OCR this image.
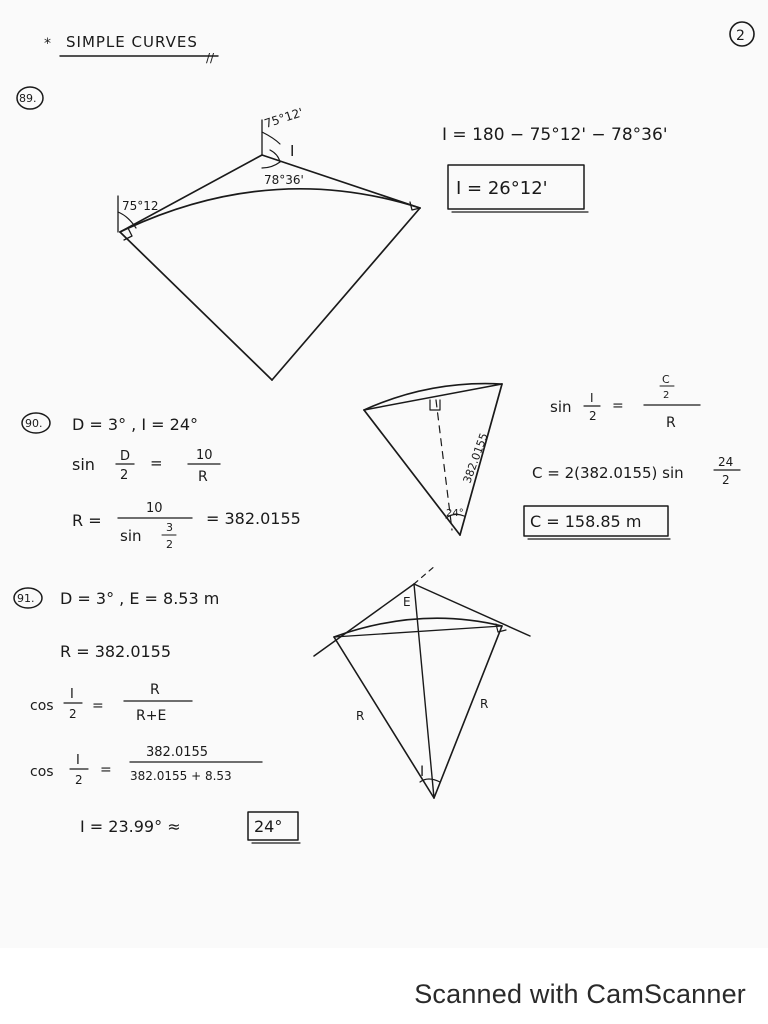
2
* SIMPLE CURVES
//
89.
75°12
75°12'
I
78°36'
I = 180 − 75°12' − 78°36'
I = 26°12'
90. D = 3° , I = 24°
sin D
2
=	10
R
R =
10
sin 3
2
= 382.0155	24°
382.0155
sin I
2
=
C
2
R
C = 2(382.0155) sin
24
2
C = 158.85 m
91. D = 3° , E = 8.53 m
R = 382.0155
cos
I
2 =
R
R+E
cos
I
2
=
382.0155
382.0155 + 8.53
I = 23.99° ≈	24°
E
R
R
I
Scanned with CamScanner
